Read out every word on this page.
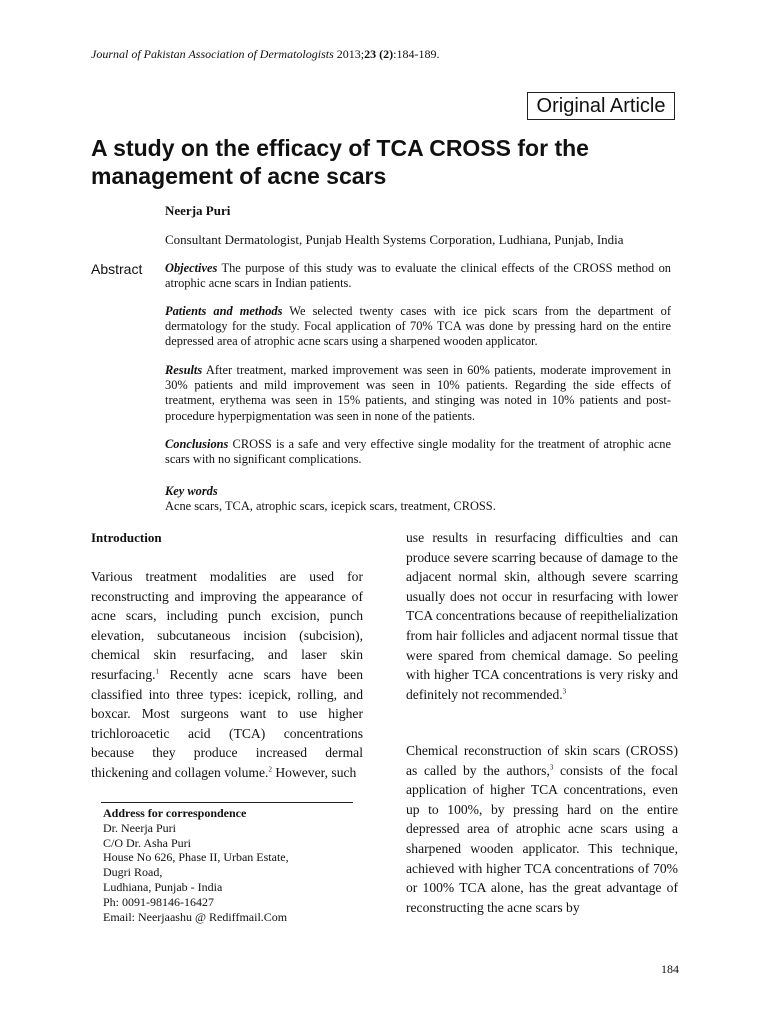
Journal of Pakistan Association of Dermatologists 2013;23 (2):184-189.
Original Article
A study on the efficacy of TCA CROSS for the management of acne scars
Neerja Puri
Consultant Dermatologist, Punjab Health Systems Corporation, Ludhiana, Punjab, India
Abstract Objectives The purpose of this study was to evaluate the clinical effects of the CROSS method on atrophic acne scars in Indian patients.
Patients and methods We selected twenty cases with ice pick scars from the department of dermatology for the study. Focal application of 70% TCA was done by pressing hard on the entire depressed area of atrophic acne scars using a sharpened wooden applicator.
Results After treatment, marked improvement was seen in 60% patients, moderate improvement in 30% patients and mild improvement was seen in 10% patients. Regarding the side effects of treatment, erythema was seen in 15% patients, and stinging was noted in 10% patients and post-procedure hyperpigmentation was seen in none of the patients.
Conclusions CROSS is a safe and very effective single modality for the treatment of atrophic acne scars with no significant complications.
Key words
Acne scars, TCA, atrophic scars, icepick scars, treatment, CROSS.
Introduction
Various treatment modalities are used for reconstructing and improving the appearance of acne scars, including punch excision, punch elevation, subcutaneous incision (subcision), chemical skin resurfacing, and laser skin resurfacing.$^1$ Recently acne scars have been classified into three types: icepick, rolling, and boxcar. Most surgeons want to use higher trichloroacetic acid (TCA) concentrations because they produce increased dermal thickening and collagen volume.$^2$ However, such
use results in resurfacing difficulties and can produce severe scarring because of damage to the adjacent normal skin, although severe scarring usually does not occur in resurfacing with lower TCA concentrations because of reepithelialization from hair follicles and adjacent normal tissue that were spared from chemical damage. So peeling with higher TCA concentrations is very risky and definitely not recommended.$^3$
Chemical reconstruction of skin scars (CROSS) as called by the authors,$^3$ consists of the focal application of higher TCA concentrations, even up to 100%, by pressing hard on the entire depressed area of atrophic acne scars using a sharpened wooden applicator. This technique, achieved with higher TCA concentrations of 70% or 100% TCA alone, has the great advantage of reconstructing the acne scars by
Address for correspondence
Dr. Neerja Puri
C/O Dr. Asha Puri
House No 626, Phase II, Urban Estate,
Dugri Road,
Ludhiana, Punjab - India
Ph: 0091-98146-16427
Email: Neerjaashu @ Rediffmail.Com
184
